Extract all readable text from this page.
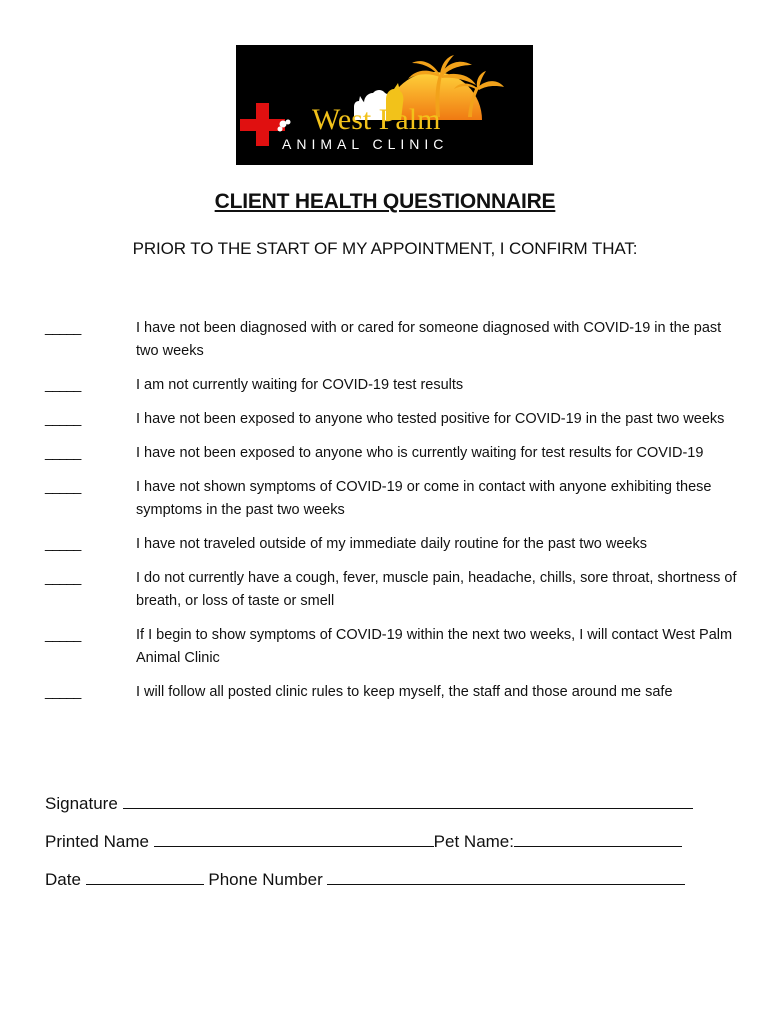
West Palm
ANIMAL CLINIC
CLIENT HEALTH QUESTIONNAIRE
PRIOR TO THE START OF MY APPOINTMENT, I CONFIRM THAT:
_____	I have not been diagnosed with or cared for someone diagnosed with COVID-19 in the past two weeks
_____	I am not currently waiting for COVID-19 test results
_____	I have not been exposed to anyone who tested positive for COVID-19 in the past two weeks
_____	I have not been exposed to anyone who is currently waiting for test results for COVID-19
_____	I have not shown symptoms of COVID-19 or come in contact with anyone exhibiting these symptoms in the past two weeks
_____	I have not traveled outside of my immediate daily routine for the past two weeks
_____	I do not currently have a cough, fever, muscle pain, headache, chills, sore throat, shortness of breath, or loss of taste or smell
_____	If I begin to show symptoms of COVID-19 within the next two weeks, I will contact West Palm Animal Clinic
_____	I will follow all posted clinic rules to keep myself, the staff and those around me safe
Signature
Printed Name	Pet Name:
Date	Phone Number
